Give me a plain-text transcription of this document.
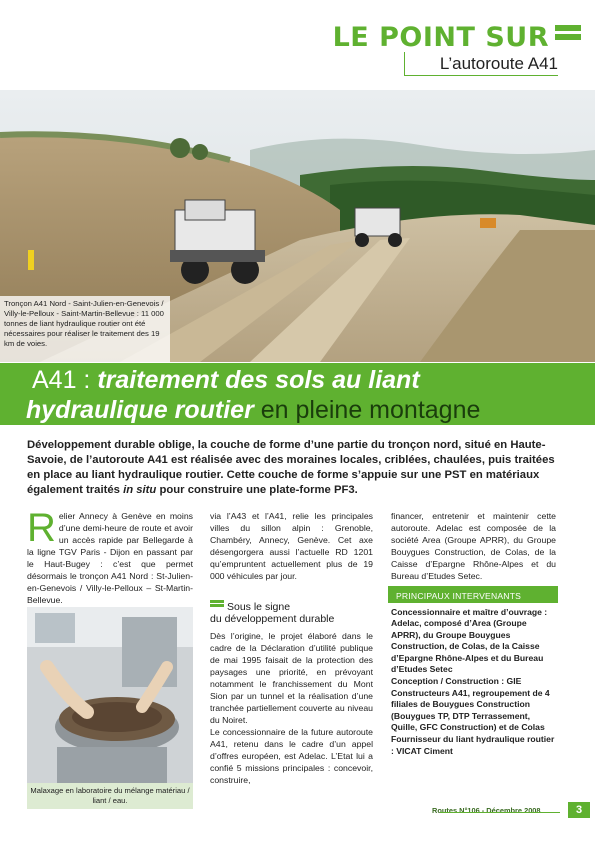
LE POINT SUR
L’autoroute A41
Tronçon A41 Nord - Saint-Julien-en-Genevois / Villy-le-Pelloux - Saint-Martin-Bellevue : 11 000 tonnes de liant hydraulique routier ont été nécessaires pour réaliser le traitement des 19 km de voies.
A41 : traitement des sols au liant
hydraulique routier en pleine montagne
Développement durable oblige, la couche de forme d’une partie du tronçon nord, situé en Haute-Savoie, de l’autoroute A41 est réalisée avec des moraines locales, criblées, chaulées, puis traitées en place au liant hydraulique routier. Cette couche de forme s’appuie sur une PST en matériaux également traités in situ pour construire une plate-forme PF3.
Relier Annecy à Genève en moins d’une demi-heure de route et avoir un accès rapide par Bellegarde à la ligne TGV Paris - Dijon en passant par le Haut-Bugey : c’est que permet désormais le tronçon A41 Nord : St-Julien-en-Genevois / Villy-le-Pelloux – St-Martin-Bellevue.

Malaxage en laboratoire du mélange matériau / liant / eau.
via l’A43 et l’A41, relie les principales villes du sillon alpin : Grenoble, Chambéry, Annecy, Genève. Cet axe désengorgera aussi l’actuelle RD 1201 qu’empruntent actuellement plus de 19 000 véhicules par jour.
Sous le signe
du développement durable
Dès l’origine, le projet élaboré dans le cadre de la Déclaration d’utilité publique de mai 1995 faisait de la protection des paysages une priorité, en prévoyant notamment le franchissement du Mont Sion par un tunnel et la réalisation d’une tranchée partiellement couverte au niveau du Noiret.
Le concessionnaire de la future autoroute A41, retenu dans le cadre d’un appel d’offres européen, est Adelac. L’Etat lui a confié 5 missions principales : concevoir, construire,
financer, entretenir et maintenir cette autoroute. Adelac est composée de la société Area (Groupe APRR), du Groupe Bouygues Construction, de Colas, de la Caisse d’Epargne Rhône-Alpes et du Bureau d’Etudes Setec.
PRINCIPAUX INTERVENANTS

Concessionnaire et maître d’ouvrage : Adelac, composé d’Area (Groupe APRR), du Groupe Bouygues Construction, de Colas, de la Caisse d’Epargne Rhône-Alpes et du Bureau d’Etudes Setec

Conception / Construction : GIE Constructeurs A41, regroupement de 4 filiales de Bouygues Construction (Bouygues TP, DTP Terrassement, Quille, GFC Construction) et de Colas

Fournisseur du liant hydraulique routier : VICAT Ciment

Routes N°106 - Décembre 2008	3
